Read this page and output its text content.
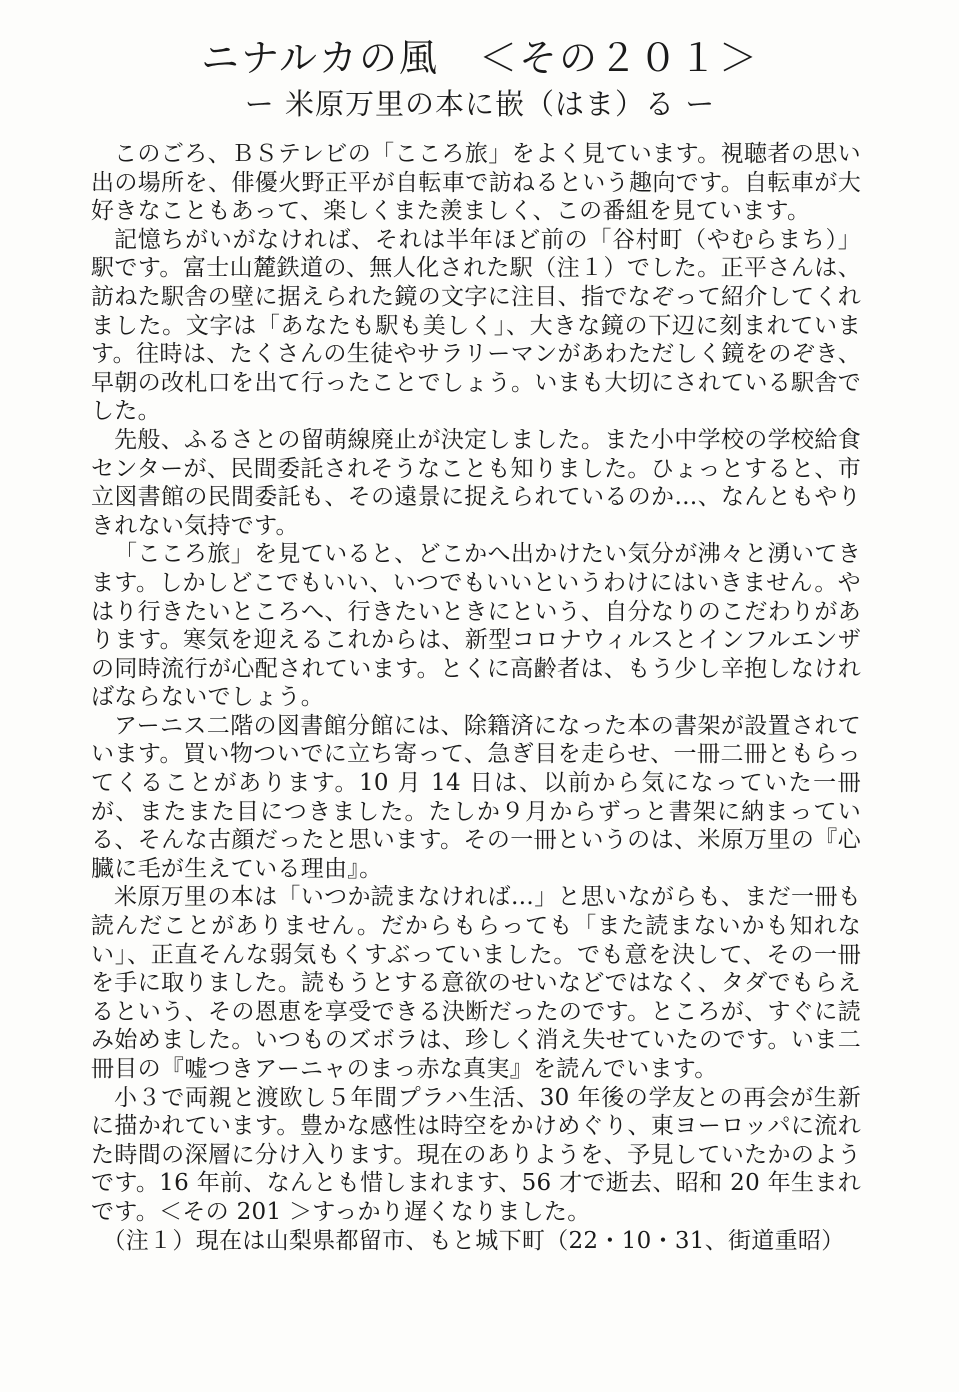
ニナルカの風　＜その２０１＞
ー 米原万里の本に嵌（はま）る ー

このごろ、ＢＳテレビの「こころ旅」をよく見ています。視聴者の思い出の場所を、俳優火野正平が自転車で訪ねるという趣向です。自転車が大好きなこともあって、楽しくまた羨ましく、この番組を見ています。

記憶ちがいがなければ、それは半年ほど前の「谷村町（やむらまち）」駅です。富士山麓鉄道の、無人化された駅（注１）でした。正平さんは、訪ねた駅舎の壁に据えられた鏡の文字に注目、指でなぞって紹介してくれました。文字は「あなたも駅も美しく」、大きな鏡の下辺に刻まれています。往時は、たくさんの生徒やサラリーマンがあわただしく鏡をのぞき、早朝の改札口を出て行ったことでしょう。いまも大切にされている駅舎でした。

先般、ふるさとの留萌線廃止が決定しました。また小中学校の学校給食センターが、民間委託されそうなことも知りました。ひょっとすると、市立図書館の民間委託も、その遠景に捉えられているのか…、なんともやりきれない気持です。

「こころ旅」を見ていると、どこかへ出かけたい気分が沸々と湧いてきます。しかしどこでもいい、いつでもいいというわけにはいきません。やはり行きたいところへ、行きたいときにという、自分なりのこだわりがあります。寒気を迎えるこれからは、新型コロナウィルスとインフルエンザの同時流行が心配されています。とくに高齢者は、もう少し辛抱しなければならないでしょう。

アーニス二階の図書館分館には、除籍済になった本の書架が設置されています。買い物ついでに立ち寄って、急ぎ目を走らせ、一冊二冊ともらってくることがあります。10 月 14 日は、以前から気になっていた一冊が、またまた目につきました。たしか９月からずっと書架に納まっている、そんな古顔だったと思います。その一冊というのは、米原万里の『心臓に毛が生えている理由』。

米原万里の本は「いつか読まなければ…」と思いながらも、まだ一冊も読んだことがありません。だからもらっても「また読まないかも知れない」、正直そんな弱気もくすぶっていました。でも意を決して、その一冊を手に取りました。読もうとする意欲のせいなどではなく、タダでもらえるという、その恩恵を享受できる決断だったのです。ところが、すぐに読み始めました。いつものズボラは、珍しく消え失せていたのです。いま二冊目の『嘘つきアーニャのまっ赤な真実』を読んでいます。

小３で両親と渡欧し５年間プラハ生活、30 年後の学友との再会が生新に描かれています。豊かな感性は時空をかけめぐり、東ヨーロッパに流れた時間の深層に分け入ります。現在のありようを、予見していたかのようです。16 年前、なんとも惜しまれます、56 才で逝去、昭和 20 年生まれです。＜その 201 ＞すっかり遅くなりました。

（注１）現在は山梨県都留市、もと城下町（22・10・31、街道重昭）
